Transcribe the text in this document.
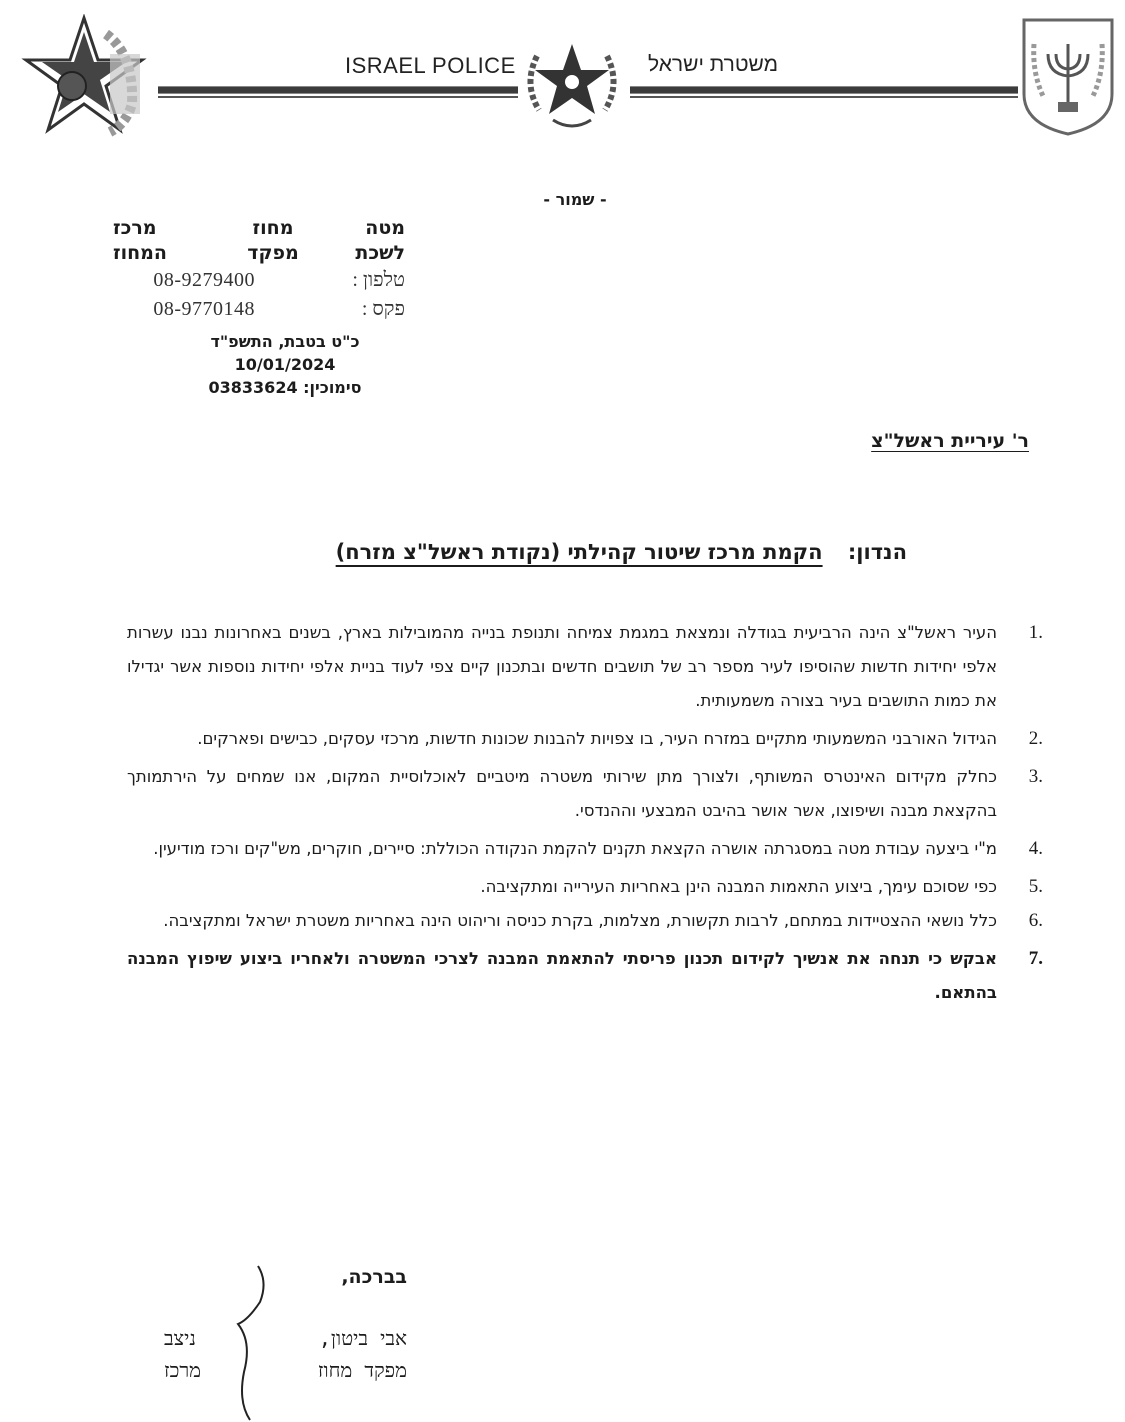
ISRAEL POLICE	משטרת ישראל
- שמור -
מטה
מחוז
מרכז
לשכת
מפקד
המחוז
טלפון :
08-9279400
פקס :
08-9770148
כ"ט בטבת, התשפ"ד
10/01/2024
סימוכין: 03833624
ר' עיריית ראשל"צ
הנדון: הקמת מרכז שיטור קהילתי (נקודת ראשל"צ מזרח)
1.
העיר ראשל"צ הינה הרביעית בגודלה ונמצאת במגמת צמיחה ותנופת בנייה מהמובילות בארץ, בשנים באחרונות נבנו עשרות אלפי יחידות חדשות שהוסיפו לעיר מספר רב של תושבים חדשים ובתכנון קיים צפי לעוד בניית אלפי יחידות נוספות אשר יגדילו את כמות התושבים בעיר בצורה משמעותית.
2.
הגידול האורבני המשמעותי מתקיים במזרח העיר, בו צפויות להבנות שכונות חדשות, מרכזי עסקים, כבישים ופארקים.
3.
כחלק מקידום האינטרס המשותף, ולצורך מתן שירותי משטרה מיטביים לאוכלוסיית המקום, אנו שמחים על הירתמותך בהקצאת מבנה ושיפוצו, אשר אושר בהיבט המבצעי וההנדסי.
4.
מ"י ביצעה עבודת מטה במסגרתה אושרה הקצאת תקנים להקמת הנקודה הכוללת: סיירים, חוקרים, מש"קים ורכז מודיעין.
5.
כפי שסוכם עימך, ביצוע התאמות המבנה הינן באחריות העירייה ומתקציבה.
6.
כלל נושאי ההצטיידות במתחם, לרבות תקשורת, מצלמות, בקרת כניסה וריהוט הינה באחריות משטרת ישראל ומתקציבה.
7.
אבקש כי תנחה את אנשיך לקידום תכנון פריסתי להתאמת המבנה לצרכי המשטרה ולאחריו ביצוע שיפוץ המבנה בהתאם.
בברכה,
אבי ביטון,
מפקד מחוז
ניצב
מרכז
